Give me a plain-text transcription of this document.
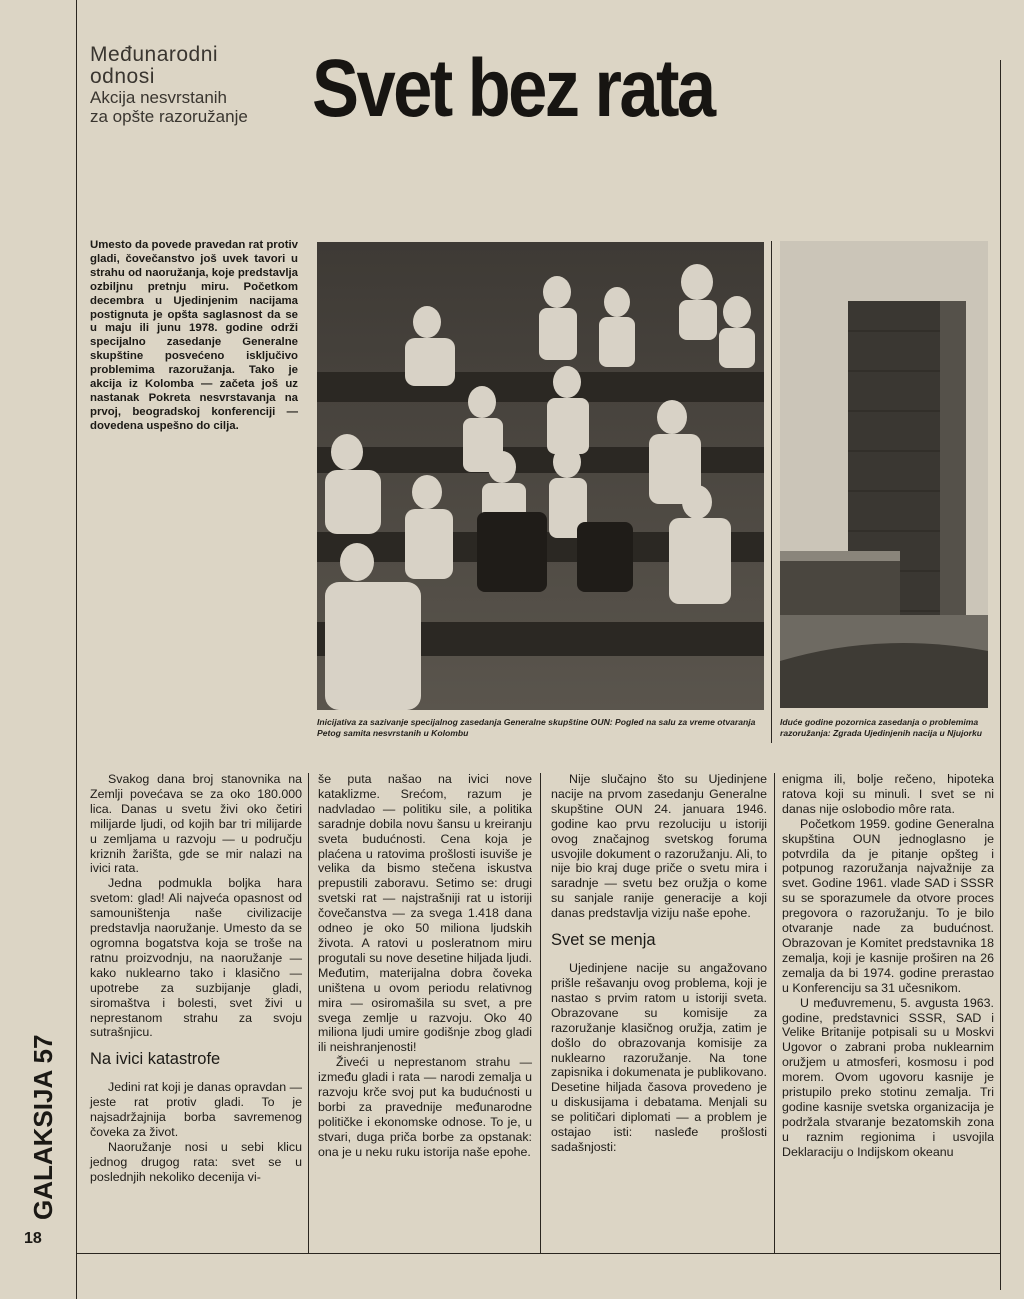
Međunarodni
odnosi
Akcija nesvrstanih
za opšte razoružanje Svet bez rata
Umesto da povede pravedan rat protiv gladi, čovečanstvo još uvek tavori u strahu od naoružanja, koje predstavlja ozbiljnu pretnju miru. Početkom decembra u Ujedinjenim nacijama postignuta je opšta saglasnost da se u maju ili junu 1978. godine održi specijalno zasedanje Generalne skupštine posvećeno isključivo problemima razoružanja. Tako je akcija iz Kolomba — začeta još uz nastanak Pokreta nesvrstavanja na prvoj, beogradskoj konferenciji — dovedena uspešno do cilja.
Inicijativa za sazivanje specijalnog zasedanja Generalne skupštine OUN: Pogled na salu za vreme otvaranja Petog samita nesvrstanih u Kolombu
Iduće godine pozornica zasedanja o problemima razoružanja: Zgrada Ujedinjenih nacija u Njujorku

Svakog dana broj stanovnika na Zemlji povećava se za oko 180.000 lica. Danas u svetu živi oko četiri milijarde ljudi, od kojih bar tri milijarde u zemljama u razvoju — u području kriznih žarišta, gde se mir nalazi na ivici rata.

Jedna podmukla boljka hara svetom: glad! Ali najveća opasnost od samouništenja naše civilizacije predstavlja naoružanje. Umesto da se ogromna bogatstva koja se troše na ratnu proizvodnju, na naoružanje — kako nuklearno tako i klasično — upotrebe za suzbijanje gladi, siromaštva i bolesti, svet živi u neprestanom strahu za svoju sutrašnjicu.

Na ivici katastrofe

Jedini rat koji je danas opravdan — jeste rat protiv gladi. To je najsadržajnija borba savremenog čoveka za život.

Naoružanje nosi u sebi klicu jednog drugog rata: svet se u poslednjih nekoliko decenija vi-

še puta našao na ivici nove kataklizme. Srećom, razum je nadvladao — politiku sile, a politika saradnje dobila novu šansu u kreiranju sveta budućnosti. Cena koja je plaćena u ratovima prošlosti isuviše je velika da bismo stečena iskustva prepustili zaboravu. Setimo se: drugi svetski rat — najstrašniji rat u istoriji čovečanstva — za svega 1.418 dana odneo je oko 50 miliona ljudskih života. A ratovi u posleratnom miru progutali su nove desetine hiljada ljudi. Međutim, materijalna dobra čoveka uništena u ovom periodu relativnog mira — osiromašila su svet, a pre svega zemlje u razvoju. Oko 40 miliona ljudi umire godišnje zbog gladi ili neishranjenosti!

Živeći u neprestanom strahu — između gladi i rata — narodi zemalja u razvoju krče svoj put ka budućnosti u borbi za pravednije međunarodne političke i ekonomske odnose. To je, u stvari, duga priča borbe za opstanak: ona je u neku ruku istorija naše epohe.

Nije slučajno što su Ujedinjene nacije na prvom zasedanju Generalne skupštine OUN 24. januara 1946. godine kao prvu rezoluciju u istoriji ovog značajnog svetskog foruma usvojile dokument o razoružanju. Ali, to nije bio kraj duge priče o svetu mira i saradnje — svetu bez oružja o kome su sanjale ranije generacije a koji danas predstavlja viziju naše epohe.

Svet se menja

Ujedinjene nacije su angažovano prišle rešavanju ovog problema, koji je nastao s prvim ratom u istoriji sveta. Obrazovane su komisije za razoružanje klasičnog oružja, zatim je došlo do obrazovanja komisije za nuklearno razoružanje. Na tone zapisnika i dokumenata je publikovano. Desetine hiljada časova provedeno je u diskusijama i debatama. Menjali su se političari diplomati — a problem je ostajao isti: nasleđe prošlosti sadašnjosti:

enigma ili, bolje rečeno, hipoteka ratova koji su minuli. I svet se ni danas nije oslobodio môre rata.

Početkom 1959. godine Generalna skupština OUN jednoglasno je potvrdila da je pitanje opšteg i potpunog razoružanja najvažnije za svet. Godine 1961. vlade SAD i SSSR su se sporazumele da otvore proces pregovora o razoružanju. To je bilo otvaranje nade za budućnost. Obrazovan je Komitet predstavnika 18 zemalja, koji je kasnije proširen na 26 zemalja da bi 1974. godine prerastao u Konferenciju sa 31 učesnikom.

U međuvremenu, 5. avgusta 1963. godine, predstavnici SSSR, SAD i Velike Britanije potpisali su u Moskvi Ugovor o zabrani proba nuklearnim oružjem u atmosferi, kosmosu i pod morem. Ovom ugovoru kasnije je pristupilo preko stotinu zemalja. Tri godine kasnije svetska organizacija je podržala stvaranje bezatomskih zona u raznim regionima i usvojila Deklaraciju o Indijskom okeanu

GALAKSIJA 57
18
